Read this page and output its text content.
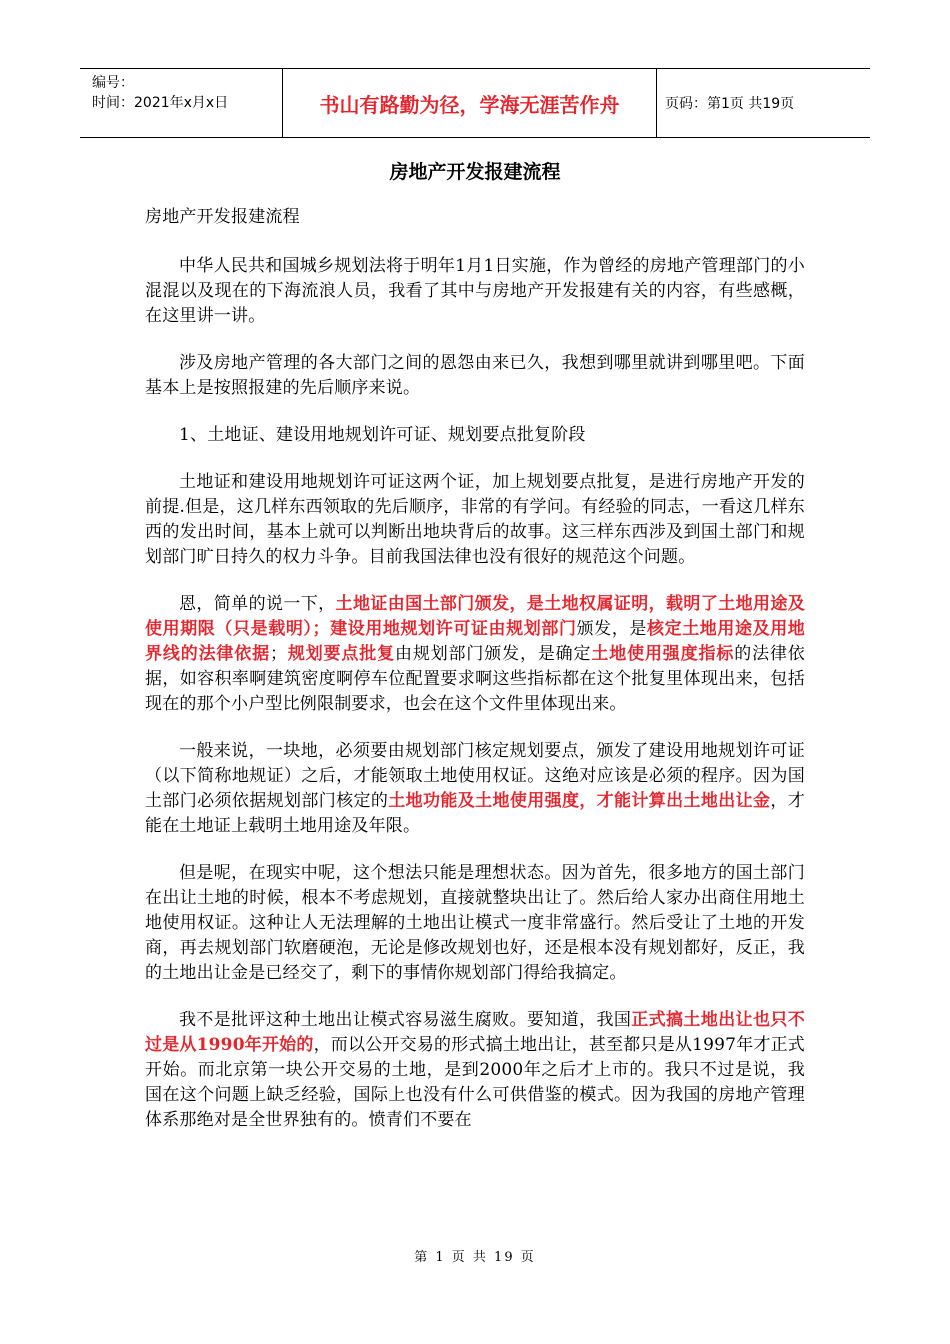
编号：
时间：2021年x月x日	书山有路勤为径，学海无涯苦作舟	页码：第1页 共19页
房地产开发报建流程

房地产开发报建流程

中华人民共和国城乡规划法将于明年1月1日实施，作为曾经的房地产管理部门的小混混以及现在的下海流浪人员，我看了其中与房地产开发报建有关的内容，有些感概，在这里讲一讲。

涉及房地产管理的各大部门之间的恩怨由来已久，我想到哪里就讲到哪里吧。下面基本上是按照报建的先后顺序来说。

1、土地证、建设用地规划许可证、规划要点批复阶段

土地证和建设用地规划许可证这两个证，加上规划要点批复，是进行房地产开发的前提.但是，这几样东西领取的先后顺序，非常的有学问。有经验的同志，一看这几样东西的发出时间，基本上就可以判断出地块背后的故事。这三样东西涉及到国土部门和规划部门旷日持久的权力斗争。目前我国法律也没有很好的规范这个问题。

恩，简单的说一下，土地证由国土部门颁发，是土地权属证明，载明了土地用途及使用期限（只是载明）；建设用地规划许可证由规划部门颁发，是核定土地用途及用地界线的法律依据；规划要点批复由规划部门颁发，是确定土地使用强度指标的法律依据，如容积率啊建筑密度啊停车位配置要求啊这些指标都在这个批复里体现出来，包括现在的那个小户型比例限制要求，也会在这个文件里体现出来。

一般来说，一块地，必须要由规划部门核定规划要点，颁发了建设用地规划许可证（以下简称地规证）之后，才能领取土地使用权证。这绝对应该是必须的程序。因为国土部门必须依据规划部门核定的土地功能及土地使用强度，才能计算出土地出让金，才能在土地证上载明土地用途及年限。

但是呢，在现实中呢，这个想法只能是理想状态。因为首先，很多地方的国土部门在出让土地的时候，根本不考虑规划，直接就整块出让了。然后给人家办出商住用地土地使用权证。这种让人无法理解的土地出让模式一度非常盛行。然后受让了土地的开发商，再去规划部门软磨硬泡，无论是修改规划也好，还是根本没有规划都好，反正，我的土地出让金是已经交了，剩下的事情你规划部门得给我搞定。

我不是批评这种土地出让模式容易滋生腐败。要知道，我国正式搞土地出让也只不过是从1990年开始的，而以公开交易的形式搞土地出让，甚至都只是从1997年才正式开始。而北京第一块公开交易的土地，是到2000年之后才上市的。我只不过是说，我国在这个问题上缺乏经验，国际上也没有什么可供借鉴的模式。因为我国的房地产管理体系那绝对是全世界独有的。愤青们不要在

第 1 页 共 19 页
